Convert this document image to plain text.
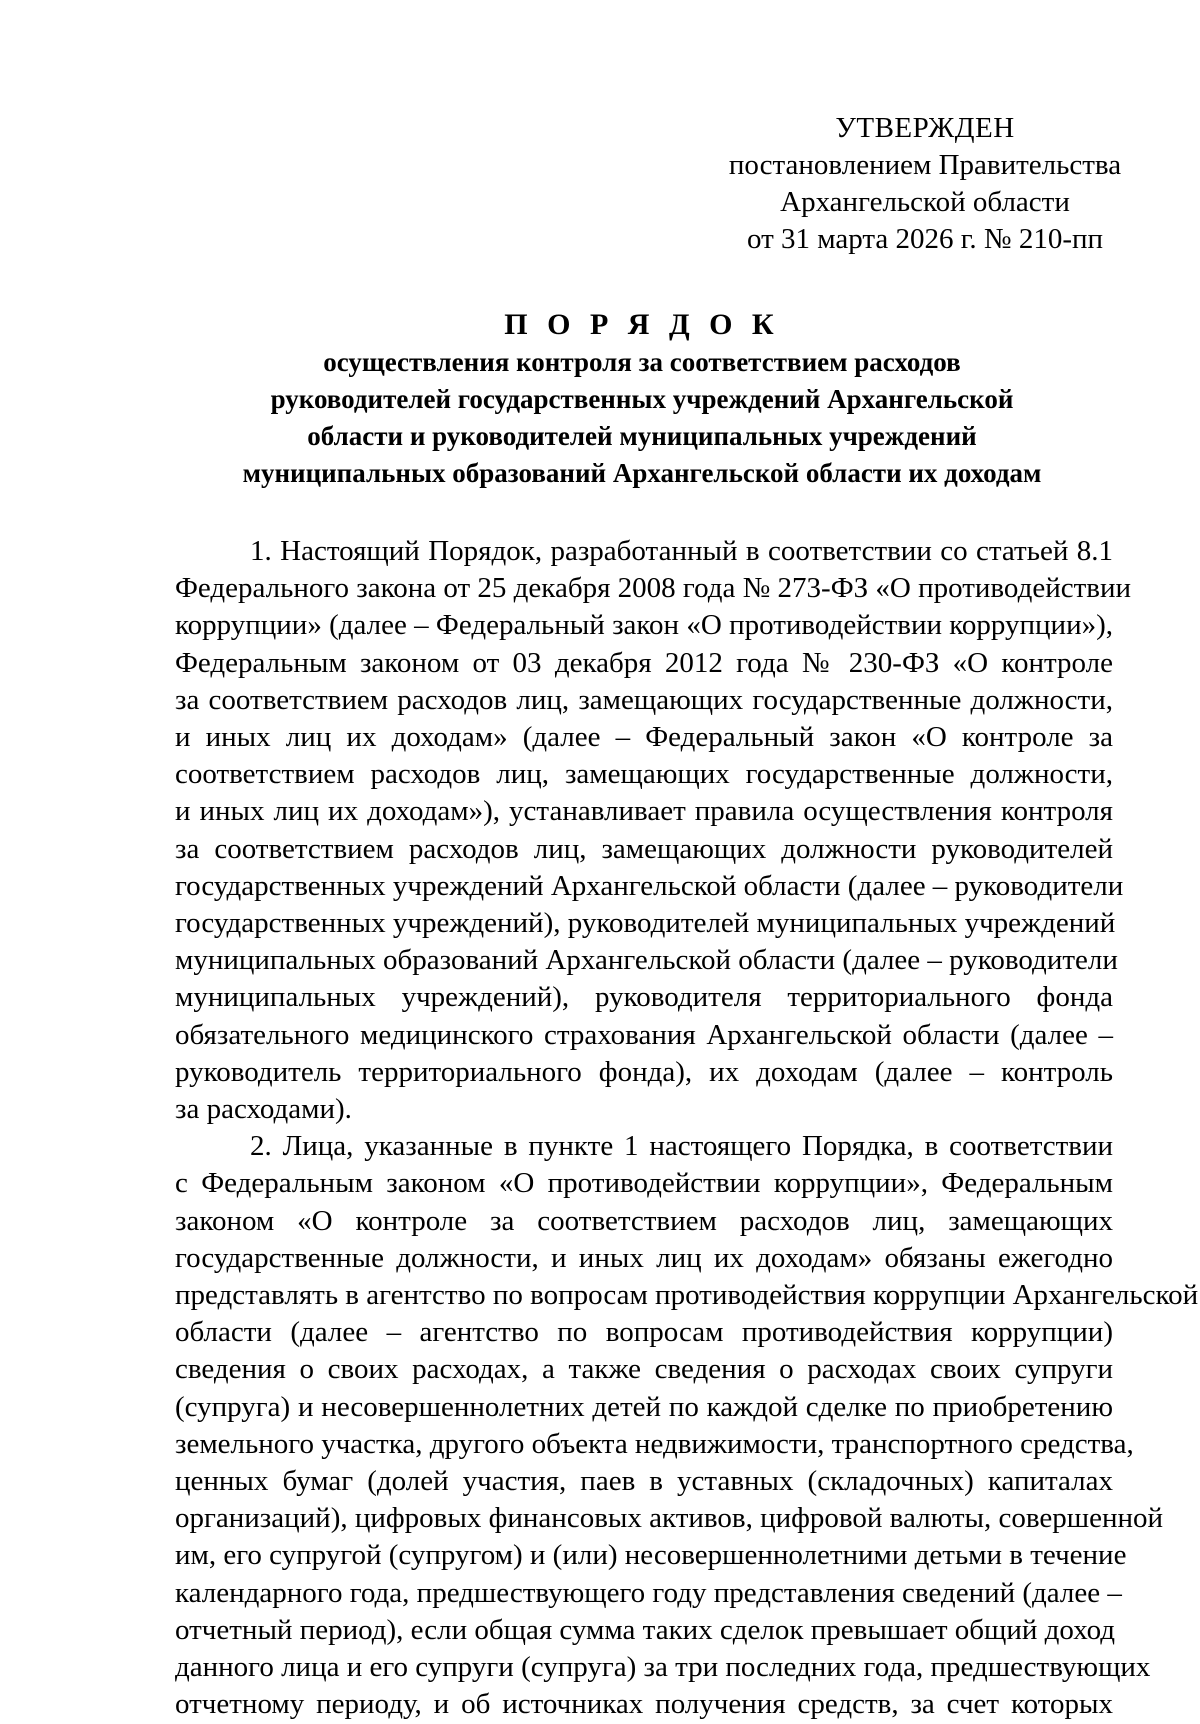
УТВЕРЖДЕН
постановлением Правительства
Архангельской области
от 31 марта 2026 г. № 210-пп
П О Р Я Д О К
осуществления контроля за соответствием расходов
руководителей государственных учреждений Архангельской
области и руководителей муниципальных учреждений
муниципальных образований Архангельской области их доходам
1. Настоящий Порядок, разработанный в соответствии со статьей 8.1
Федерального закона от 25 декабря 2008 года № 273-ФЗ «О противодействии
коррупции» (далее – Федеральный закон «О противодействии коррупции»),
Федеральным законом от 03 декабря 2012 года № 230-ФЗ «О контроле
за соответствием расходов лиц, замещающих государственные должности,
и иных лиц их доходам» (далее – Федеральный закон «О контроле за
соответствием расходов лиц, замещающих государственные должности,
и иных лиц их доходам»), устанавливает правила осуществления контроля
за соответствием расходов лиц, замещающих должности руководителей
государственных учреждений Архангельской области (далее – руководители
государственных учреждений), руководителей муниципальных учреждений
муниципальных образований Архангельской области (далее – руководители
муниципальных учреждений), руководителя территориального фонда
обязательного медицинского страхования Архангельской области (далее –
руководитель территориального фонда), их доходам (далее – контроль
за расходами).
2. Лица, указанные в пункте 1 настоящего Порядка, в соответствии
с Федеральным законом «О противодействии коррупции», Федеральным
законом «О контроле за соответствием расходов лиц, замещающих
государственные должности, и иных лиц их доходам» обязаны ежегодно
представлять в агентство по вопросам противодействия коррупции Архангельской
области (далее – агентство по вопросам противодействия коррупции)
сведения о своих расходах, а также сведения о расходах своих супруги
(супруга) и несовершеннолетних детей по каждой сделке по приобретению
земельного участка, другого объекта недвижимости, транспортного средства,
ценных бумаг (долей участия, паев в уставных (складочных) капиталах
организаций), цифровых финансовых активов, цифровой валюты, совершенной
им, его супругой (супругом) и (или) несовершеннолетними детьми в течение
календарного года, предшествующего году представления сведений (далее –
отчетный период), если общая сумма таких сделок превышает общий доход
данного лица и его супруги (супруга) за три последних года, предшествующих
отчетному периоду, и об источниках получения средств, за счет которых
